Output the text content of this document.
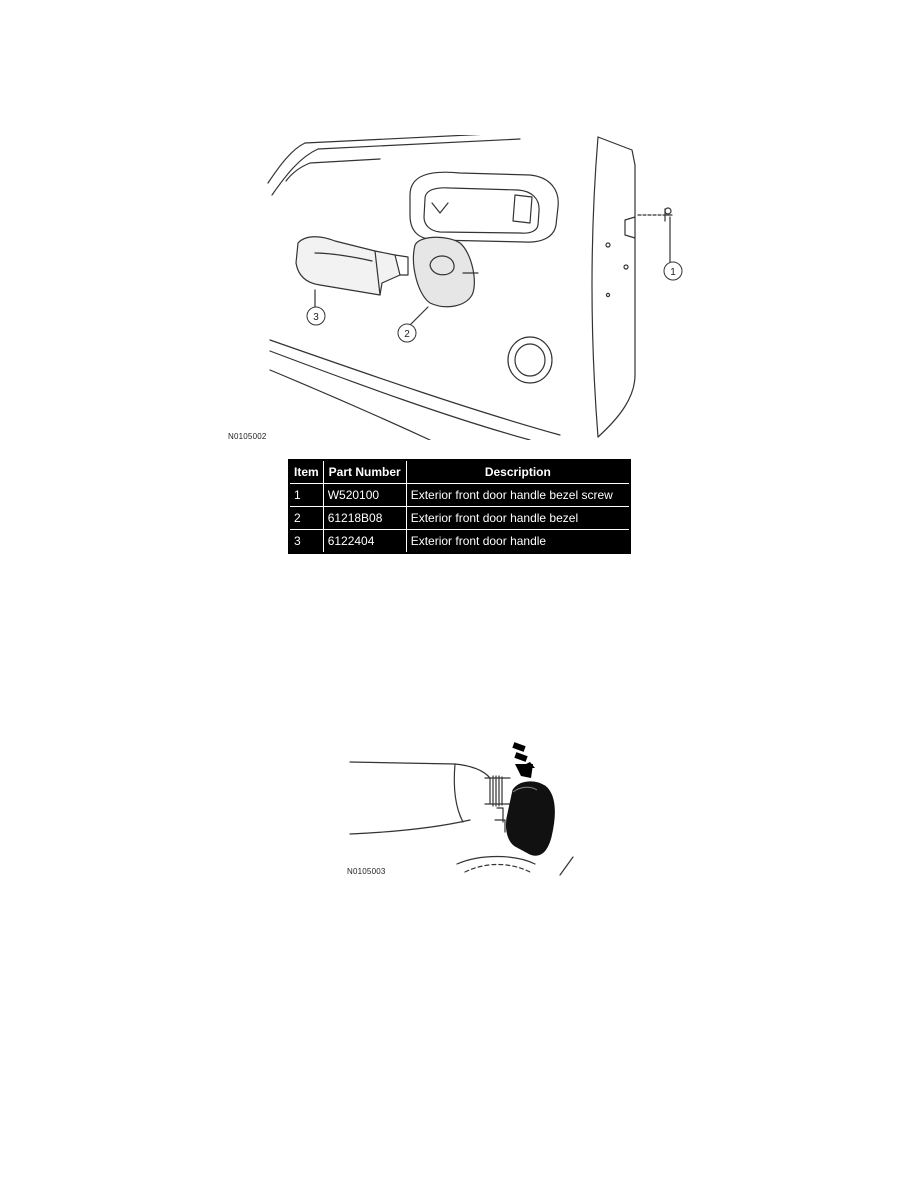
1
3
2
N0105002
Item	Part Number	Description
1	W520100	Exterior front door handle bezel screw
2	61218B08	Exterior front door handle bezel
3	6122404	Exterior front door handle
N0105003
